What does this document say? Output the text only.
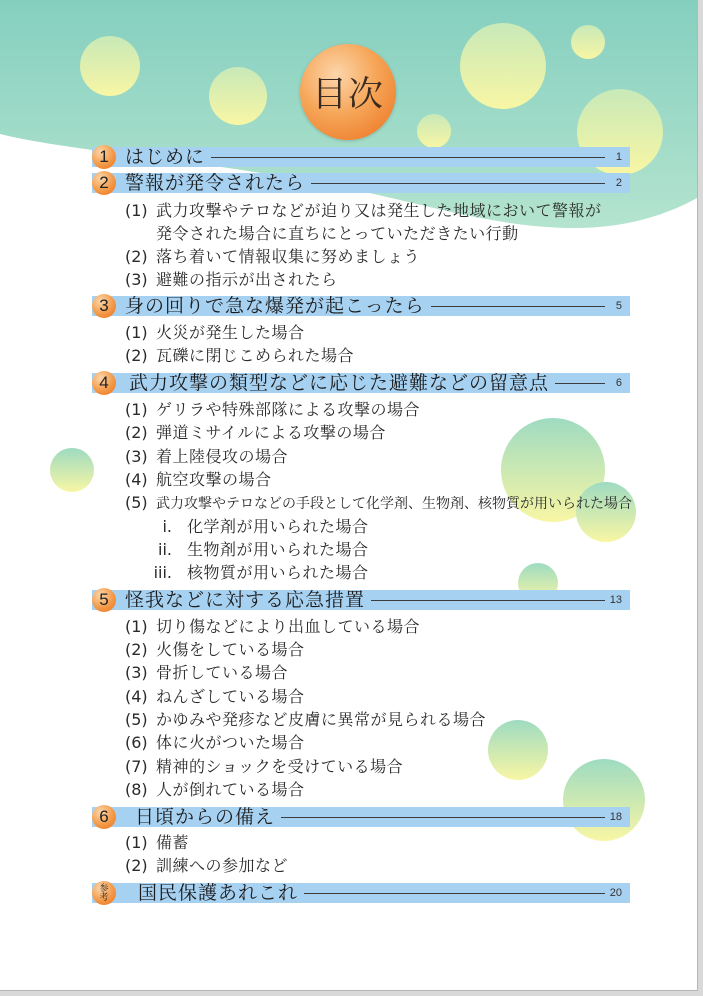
目次
1 はじめに	1
2 警報が発令されたら	2
(1) 武力攻撃やテロなどが迫り又は発生した地域において警報が
発令された場合に直ちにとっていただきたい行動
(2) 落ち着いて情報収集に努めましょう
(3) 避難の指示が出されたら
3 身の回りで急な爆発が起こったら	5
(1) 火災が発生した場合
(2) 瓦礫に閉じこめられた場合
4	武力攻撃の類型などに応じた避難などの留意点	6
(1) ゲリラや特殊部隊による攻撃の場合
(2) 弾道ミサイルによる攻撃の場合
(3) 着上陸侵攻の場合
(4) 航空攻撃の場合
(5) 武力攻撃やテロなどの手段として化学剤、生物剤、核物質が用いられた場合
i. 化学剤が用いられた場合
ii. 生物剤が用いられた場合
iii. 核物質が用いられた場合
5 怪我などに対する応急措置	13
(1) 切り傷などにより出血している場合
(2) 火傷をしている場合
(3) 骨折している場合
(4) ねんざしている場合
(5) かゆみや発疹など皮膚に異常が見られる場合
(6) 体に火がついた場合
(7) 精神的ショックを受けている場合
(8) 人が倒れている場合
6	日頃からの備え	18
(1) 備蓄
(2) 訓練への参加など
参考	国民保護あれこれ	20
